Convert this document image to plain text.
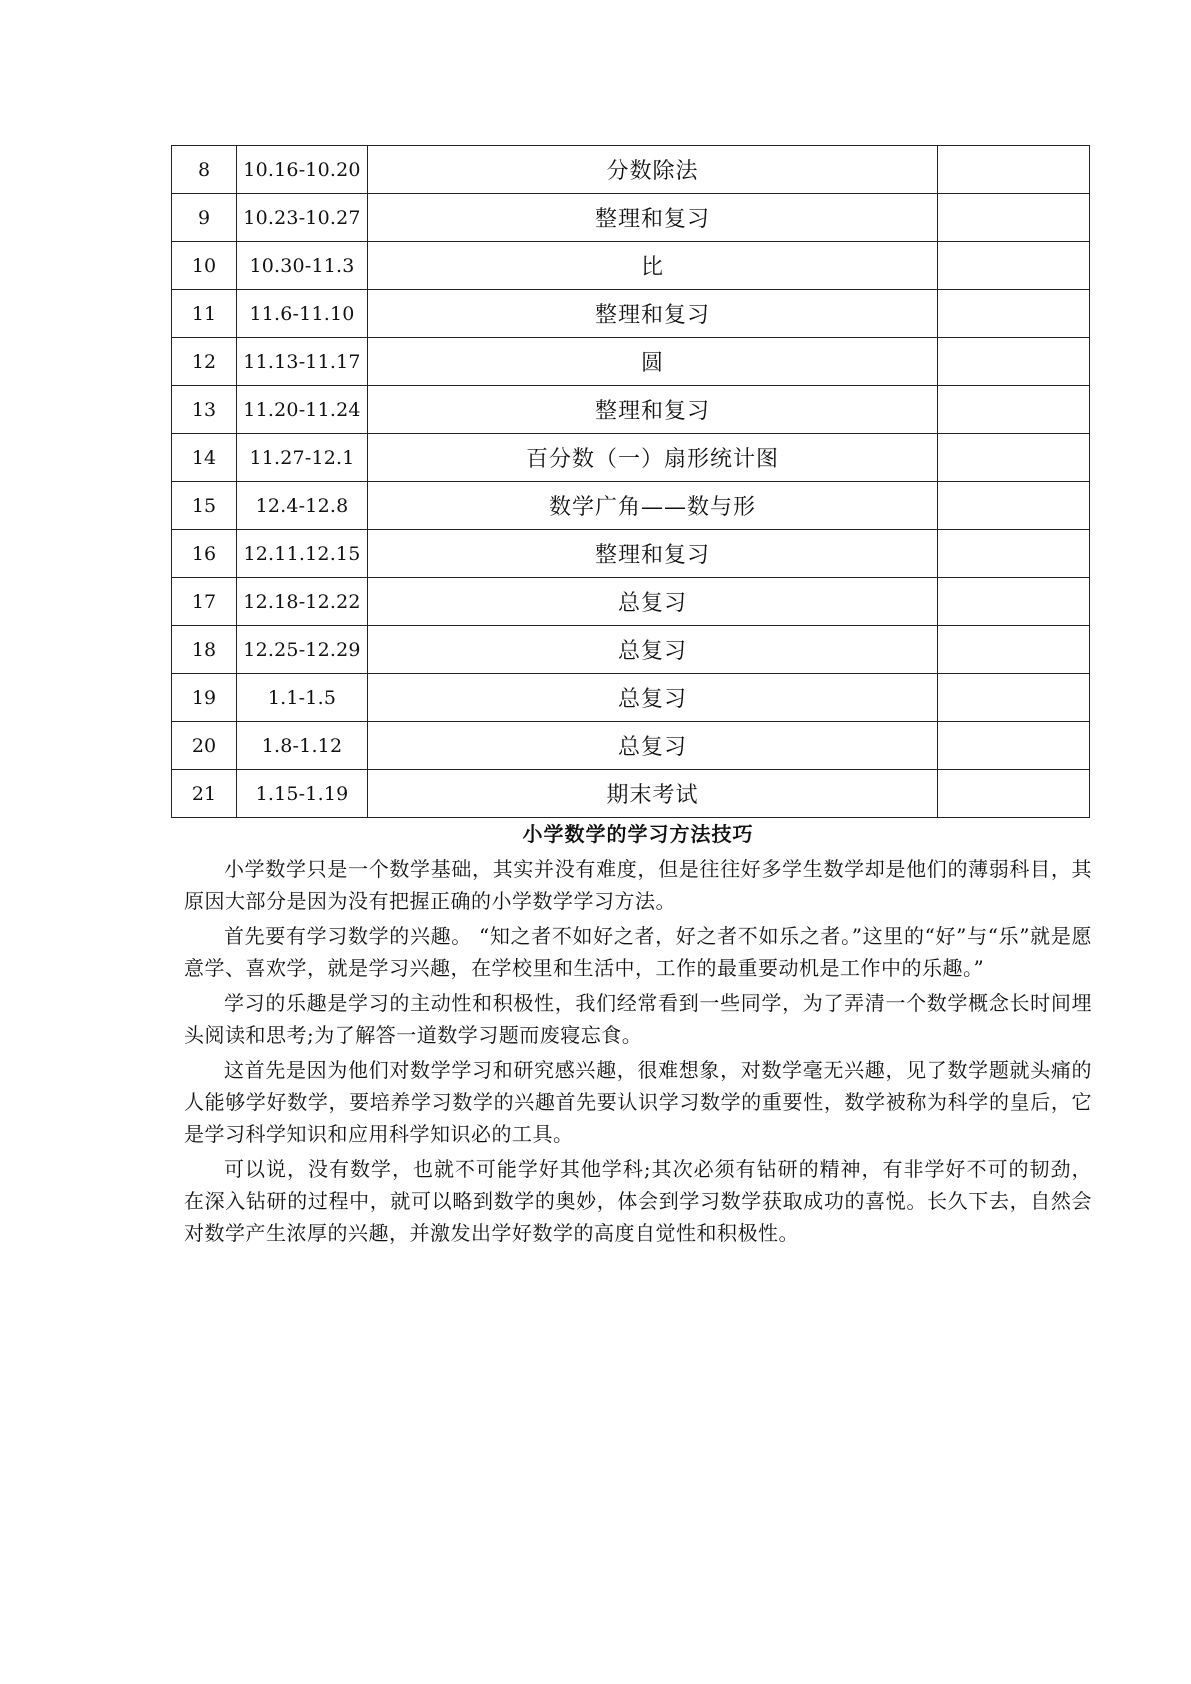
8	10.16-10.20	分数除法	
9	10.23-10.27	整理和复习	
10	10.30-11.3	比	
11	11.6-11.10	整理和复习	
12	11.13-11.17	圆	
13	11.20-11.24	整理和复习	
14	11.27-12.1	百分数（一）扇形统计图	
15	12.4-12.8	数学广角——数与形	
16	12.11.12.15	整理和复习	
17	12.18-12.22	总复习	
18	12.25-12.29	总复习	
19	1.1-1.5	总复习	
20	1.8-1.12	总复习	
21	1.15-1.19	期末考试	
小学数学的学习方法技巧

小学数学只是一个数学基础，其实并没有难度，但是往往好多学生数学却是他们的薄弱科目，其原因大部分是因为没有把握正确的小学数学学习方法。

首先要有学习数学的兴趣。 “知之者不如好之者，好之者不如乐之者。”这里的“好”与“乐”就是愿意学、喜欢学，就是学习兴趣，在学校里和生活中，工作的最重要动机是工作中的乐趣。”

学习的乐趣是学习的主动性和积极性，我们经常看到一些同学，为了弄清一个数学概念长时间埋头阅读和思考;为了解答一道数学习题而废寝忘食。

这首先是因为他们对数学学习和研究感兴趣，很难想象，对数学毫无兴趣，见了数学题就头痛的人能够学好数学，要培养学习数学的兴趣首先要认识学习数学的重要性，数学被称为科学的皇后，它是学习科学知识和应用科学知识必的工具。

可以说，没有数学，也就不可能学好其他学科;其次必须有钻研的精神，有非学好不可的韧劲，在深入钻研的过程中，就可以略到数学的奥妙，体会到学习数学获取成功的喜悦。长久下去，自然会对数学产生浓厚的兴趣，并激发出学好数学的高度自觉性和积极性。
